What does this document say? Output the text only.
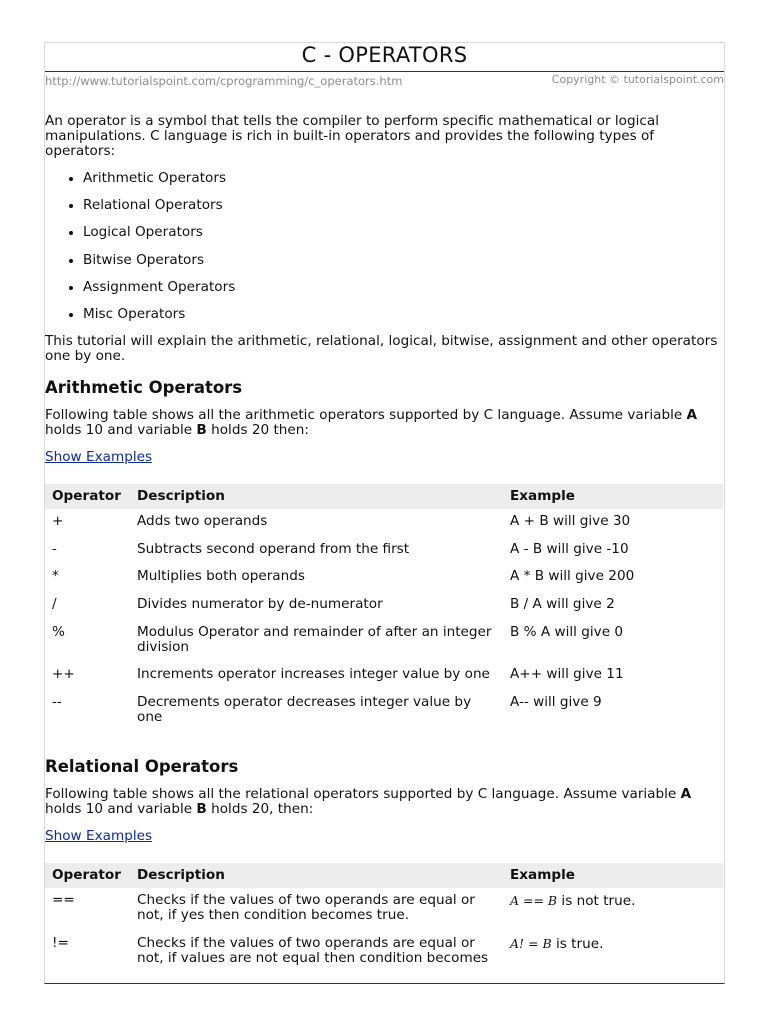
C - OPERATORS
http://www.tutorialspoint.com/cprogramming/c_operators.htm	Copyright © tutorialspoint.com

An operator is a symbol that tells the compiler to perform specific mathematical or logical manipulations. C language is rich in built-in operators and provides the following types of operators:

Arithmetic Operators
Relational Operators
Logical Operators
Bitwise Operators
Assignment Operators
Misc Operators

This tutorial will explain the arithmetic, relational, logical, bitwise, assignment and other operators one by one.

Arithmetic Operators

Following table shows all the arithmetic operators supported by C language. Assume variable A holds 10 and variable B holds 20 then:

Show Examples
Operator	Description	Example
+	Adds two operands	A + B will give 30
-	Subtracts second operand from the first	A - B will give -10
*	Multiplies both operands	A * B will give 200
/	Divides numerator by de-numerator	B / A will give 2
%	Modulus Operator and remainder of after an integer division	B % A will give 0
++	Increments operator increases integer value by one	A++ will give 11
--	Decrements operator decreases integer value by one	A-- will give 9
Relational Operators

Following table shows all the relational operators supported by C language. Assume variable A holds 10 and variable B holds 20, then:

Show Examples
Operator	Description	Example
==	Checks if the values of two operands are equal or not, if yes then condition becomes true.	A == B is not true.
!=	Checks if the values of two operands are equal or not, if values are not equal then condition becomes	A! = B is true.
